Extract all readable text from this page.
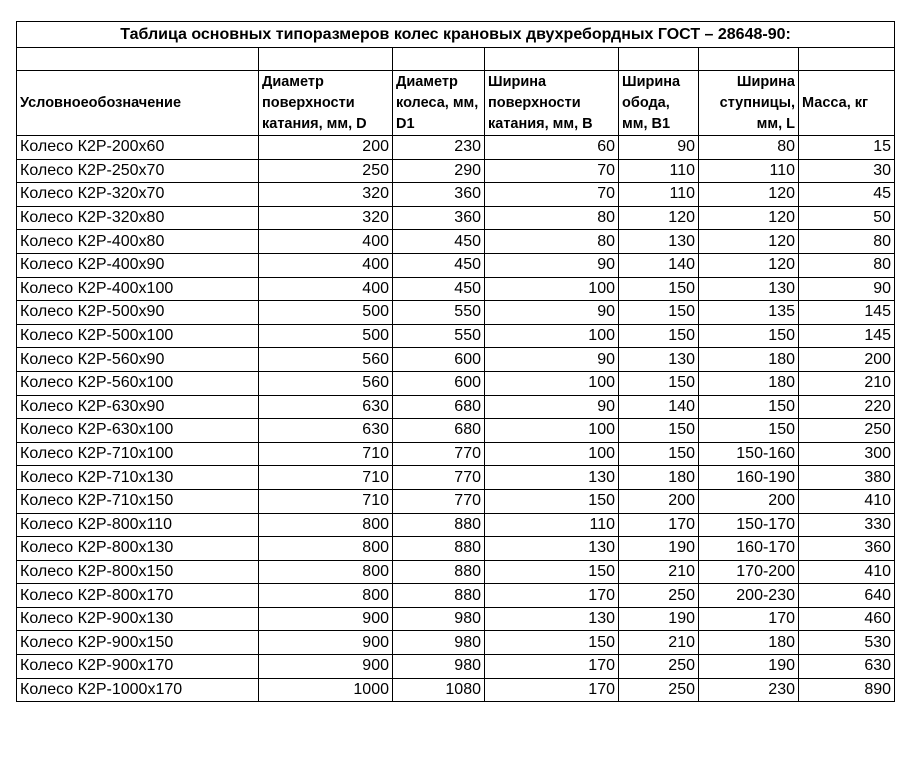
Таблица основных типоразмеров колес крановых двухребордных ГОСТ – 28648-90:						

Условноеобозначение	Диаметр поверхности катания, мм, D	Диаметр колеса, мм, D1	Ширина поверхности катания, мм, B	Ширина обода, мм, B1	Ширина ступницы, мм, L	Масса, кг
Колесо К2Р-200х60	200	230	60	90	80	15
Колесо К2Р-250х70	250	290	70	110	110	30
Колесо К2Р-320х70	320	360	70	110	120	45
Колесо К2Р-320х80	320	360	80	120	120	50
Колесо К2Р-400х80	400	450	80	130	120	80
Колесо К2Р-400х90	400	450	90	140	120	80
Колесо К2Р-400х100	400	450	100	150	130	90
Колесо К2Р-500х90	500	550	90	150	135	145
Колесо К2Р-500х100	500	550	100	150	150	145
Колесо К2Р-560х90	560	600	90	130	180	200
Колесо К2Р-560х100	560	600	100	150	180	210
Колесо К2Р-630х90	630	680	90	140	150	220
Колесо К2Р-630х100	630	680	100	150	150	250
Колесо К2Р-710х100	710	770	100	150	150-160	300
Колесо К2Р-710х130	710	770	130	180	160-190	380
Колесо К2Р-710х150	710	770	150	200	200	410
Колесо К2Р-800х110	800	880	110	170	150-170	330
Колесо К2Р-800х130	800	880	130	190	160-170	360
Колесо К2Р-800х150	800	880	150	210	170-200	410
Колесо К2Р-800х170	800	880	170	250	200-230	640
Колесо К2Р-900х130	900	980	130	190	170	460
Колесо К2Р-900х150	900	980	150	210	180	530
Колесо К2Р-900х170	900	980	170	250	190	630
Колесо К2Р-1000х170	1000	1080	170	250	230	890
